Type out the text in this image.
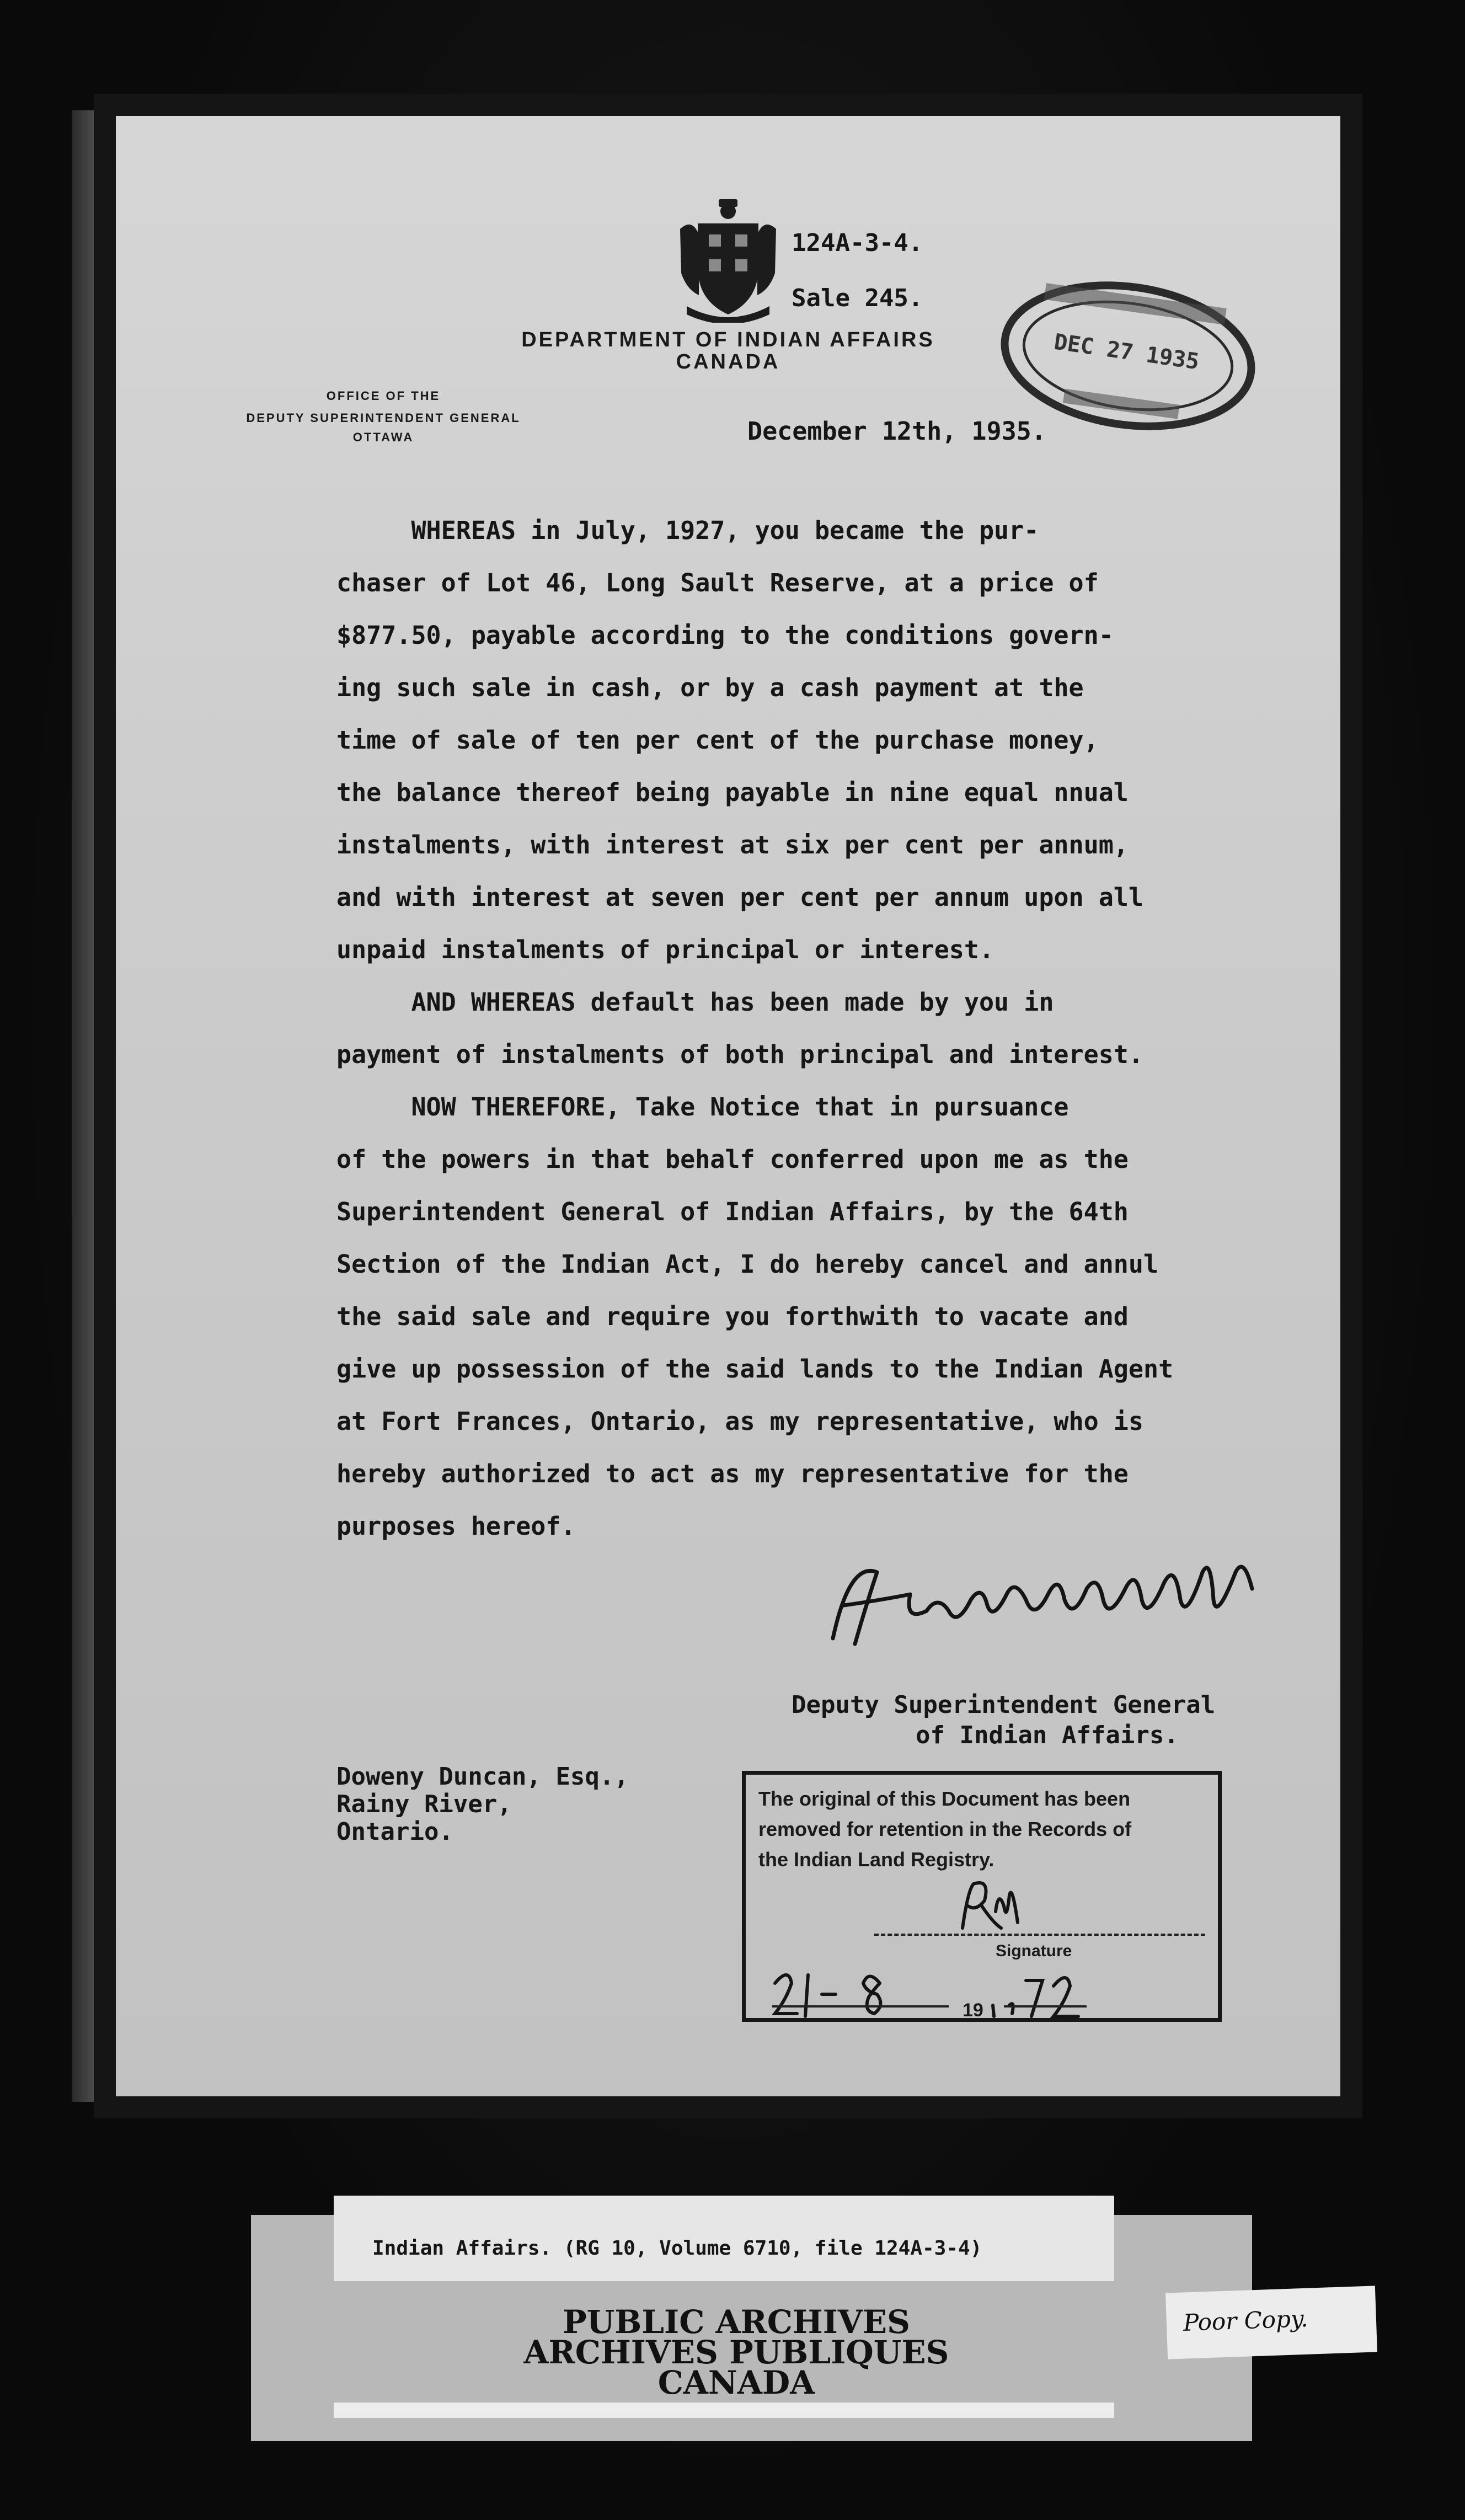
124A-3-4.
Sale 245.
DEPARTMENT OF INDIAN AFFAIRS
CANADA
OFFICE OF THE
DEPUTY SUPERINTENDENT GENERAL
OTTAWA	December 12th, 1935.
DEC 27 1935
WHEREAS in July, 1927, you became the pur-
chaser of Lot 46, Long Sault Reserve, at a price of
$877.50, payable according to the conditions govern-
ing such sale in cash, or by a cash payment at the
time of sale of ten per cent of the purchase money,
the balance thereof being payable in nine equal nnual
instalments, with interest at six per cent per annum,
and with interest at seven per cent per annum upon all
unpaid instalments of principal or interest.
AND WHEREAS default has been made by you in
payment of instalments of both principal and interest.
NOW THEREFORE, Take Notice that in pursuance
of the powers in that behalf conferred upon me as the
Superintendent General of Indian Affairs, by the 64th
Section of the Indian Act, I do hereby cancel and annul
the said sale and require you forthwith to vacate and
give up possession of the said lands to the Indian Agent
at Fort Frances, Ontario, as my representative, who is
hereby authorized to act as my representative for the
purposes hereof.
Deputy Superintendent General
of Indian Affairs.
Doweny Duncan, Esq.,
Rainy River,
Ontario.
The original of this Document has been
removed for retention in the Records of
the Indian Land Registry.
Signature
19
Indian Affairs. (RG 10, Volume 6710, file 124A-3-4)
PUBLIC ARCHIVES
ARCHIVES PUBLIQUES
CANADA
Poor Copy.
